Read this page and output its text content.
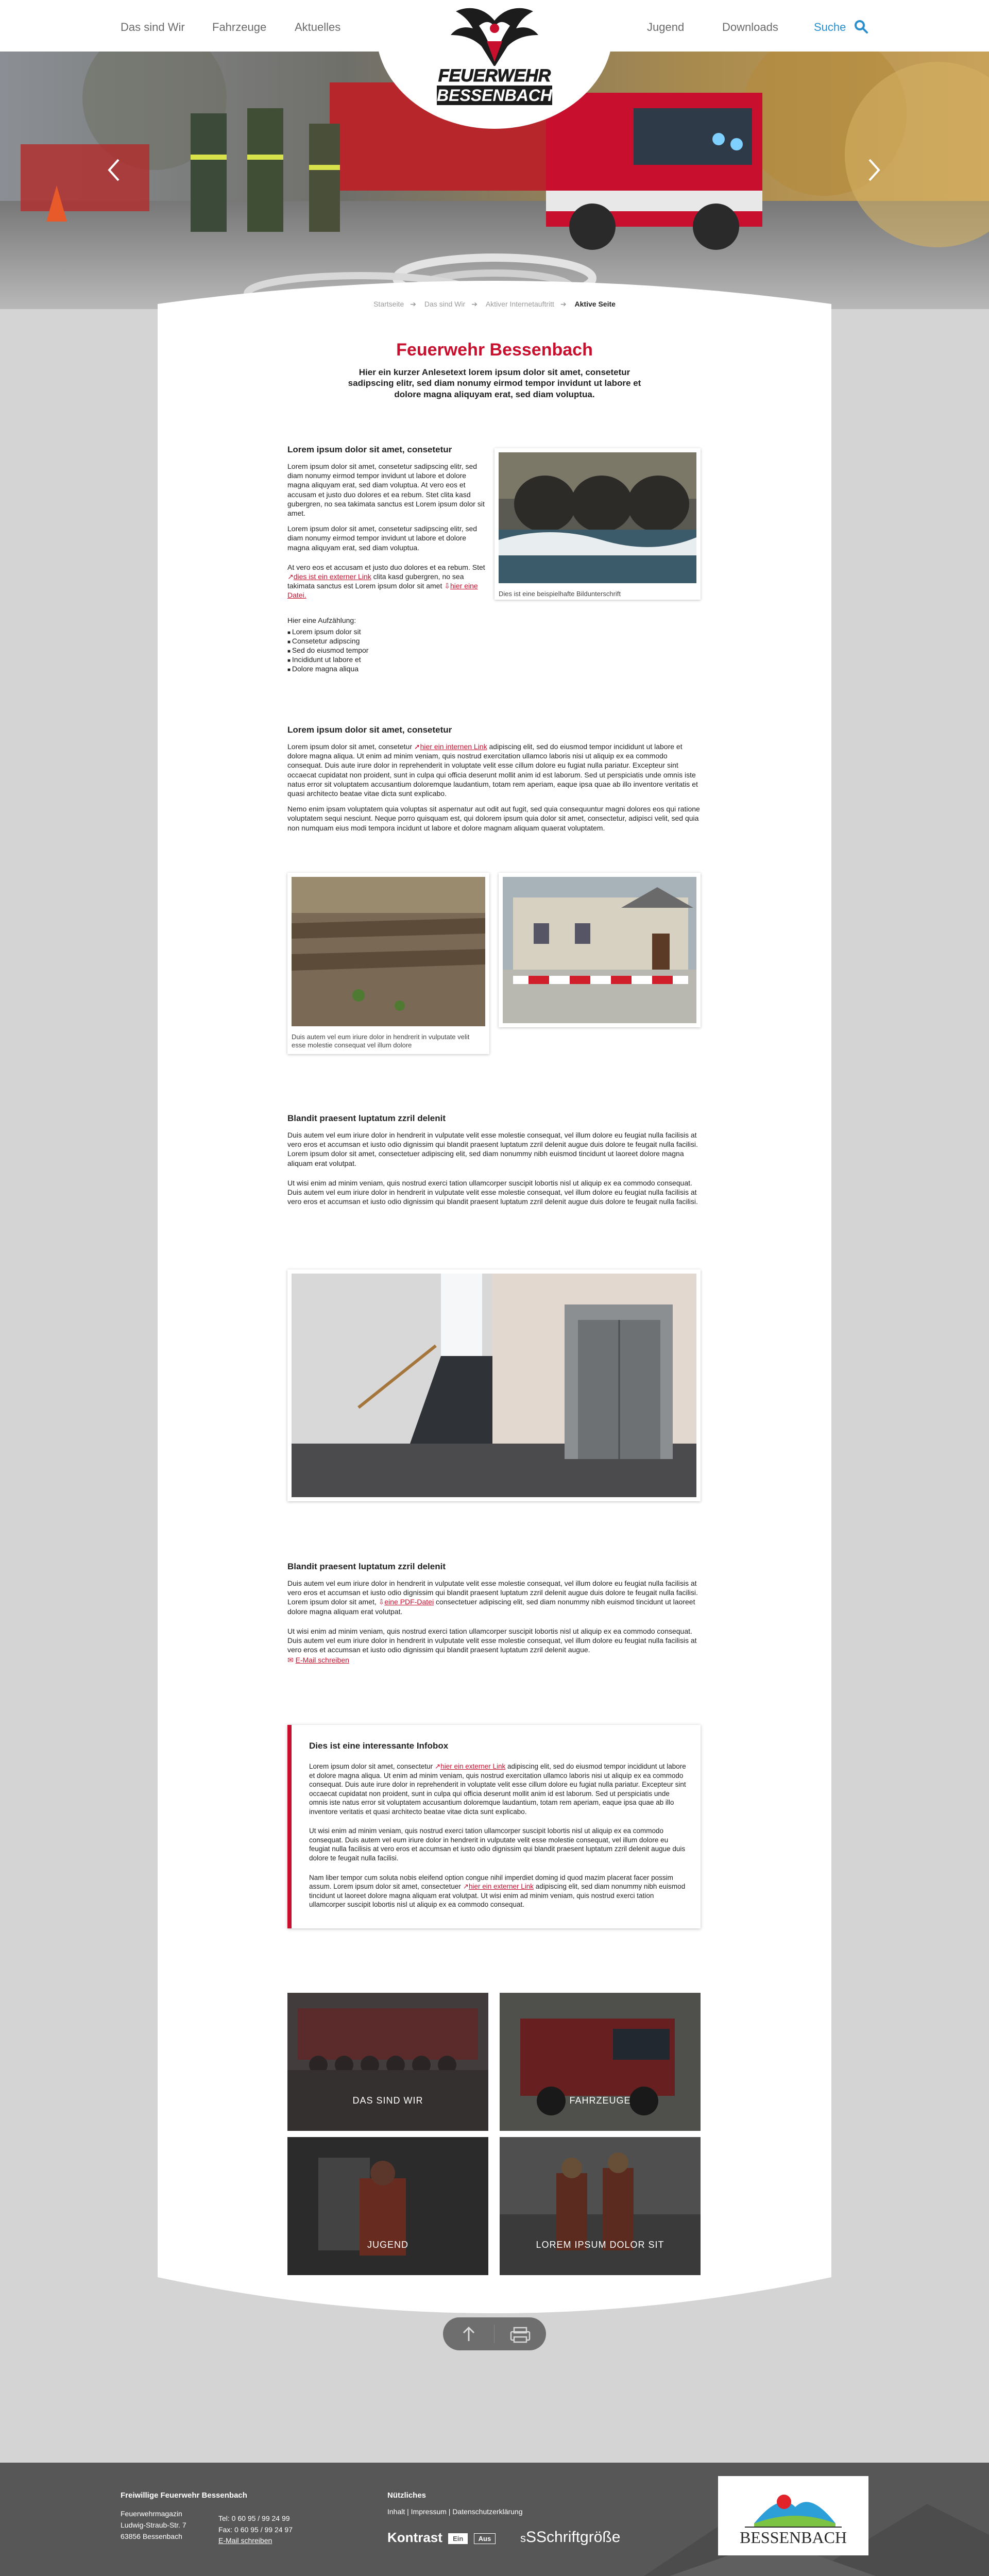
Das sind Wir Fahrzeuge Aktuelles	Jugend	Downloads	Suche
FEUERWEHR
BESSENBACH
Startseite ➔ Das sind Wir ➔ Aktiver Internetauftritt ➔ Aktive Seite
Feuerwehr Bessenbach
Hier ein kurzer Anlesetext lorem ipsum dolor sit amet, consetetur sadipscing elitr, sed diam nonumy eirmod tempor invidunt ut labore et dolore magna aliquyam erat, sed diam voluptua.
Lorem ipsum dolor sit amet, consetetur

Lorem ipsum dolor sit amet, consetetur sadipscing elitr, sed diam nonumy eirmod tempor invidunt ut labore et dolore magna aliquyam erat, sed diam voluptua. At vero eos et accusam et justo duo dolores et ea rebum. Stet clita kasd gubergren, no sea takimata sanctus est Lorem ipsum dolor sit amet.

Lorem ipsum dolor sit amet, consetetur sadipscing elitr, sed diam nonumy eirmod tempor invidunt ut labore et dolore magna aliquyam erat, sed diam voluptua.

At vero eos et accusam et justo duo dolores et ea rebum. Stet ↗dies ist ein externer Link clita kasd gubergren, no sea takimata sanctus est Lorem ipsum dolor sit amet ⇩hier eine Datei.

Hier eine Aufzählung:

■ Lorem ipsum dolor sit
■ Consetetur adipscing
■ Sed do eiusmod tempor
■ Incididunt ut labore et
■ Dolore magna aliqua
Dies ist eine beispielhafte Bildunterschrift
Lorem ipsum dolor sit amet, consetetur

Lorem ipsum dolor sit amet, consetetur ➚hier ein internen Link adipiscing elit, sed do eiusmod tempor incididunt ut labore et dolore magna aliqua. Ut enim ad minim veniam, quis nostrud exercitation ullamco laboris nisi ut aliquip ex ea commodo consequat. Duis aute irure dolor in reprehenderit in voluptate velit esse cillum dolore eu fugiat nulla pariatur. Excepteur sint occaecat cupidatat non proident, sunt in culpa qui officia deserunt mollit anim id est laborum. Sed ut perspiciatis unde omnis iste natus error sit voluptatem accusantium doloremque laudantium, totam rem aperiam, eaque ipsa quae ab illo inventore veritatis et quasi architecto beatae vitae dicta sunt explicabo.

Nemo enim ipsam voluptatem quia voluptas sit aspernatur aut odit aut fugit, sed quia consequuntur magni dolores eos qui ratione voluptatem sequi nesciunt. Neque porro quisquam est, qui dolorem ipsum quia dolor sit amet, consectetur, adipisci velit, sed quia non numquam eius modi tempora incidunt ut labore et dolore magnam aliquam quaerat voluptatem.

Duis autem vel eum iriure dolor in hendrerit in vulputate velit esse molestie consequat vel illum dolore
Blandit praesent luptatum zzril delenit

Duis autem vel eum iriure dolor in hendrerit in vulputate velit esse molestie consequat, vel illum dolore eu feugiat nulla facilisis at vero eros et accumsan et iusto odio dignissim qui blandit praesent luptatum zzril delenit augue duis dolore te feugait nulla facilisi. Lorem ipsum dolor sit amet, consectetuer adipiscing elit, sed diam nonummy nibh euismod tincidunt ut laoreet dolore magna aliquam erat volutpat.

Ut wisi enim ad minim veniam, quis nostrud exerci tation ullamcorper suscipit lobortis nisl ut aliquip ex ea commodo consequat. Duis autem vel eum iriure dolor in hendrerit in vulputate velit esse molestie consequat, vel illum dolore eu feugiat nulla facilisis at vero eros et accumsan et iusto odio dignissim qui blandit praesent luptatum zzril delenit augue duis dolore te feugait nulla facilisi.

Blandit praesent luptatum zzril delenit

Duis autem vel eum iriure dolor in hendrerit in vulputate velit esse molestie consequat, vel illum dolore eu feugiat nulla facilisis at vero eros et accumsan et iusto odio dignissim qui blandit praesent luptatum zzril delenit augue duis dolore te feugait nulla facilisi. Lorem ipsum dolor sit amet, ⇩eine PDF-Datei consectetuer adipiscing elit, sed diam nonummy nibh euismod tincidunt ut laoreet dolore magna aliquam erat volutpat.

Ut wisi enim ad minim veniam, quis nostrud exerci tation ullamcorper suscipit lobortis nisl ut aliquip ex ea commodo consequat. Duis autem vel eum iriure dolor in hendrerit in vulputate velit esse molestie consequat, vel illum dolore eu feugiat nulla facilisis at vero eros et accumsan et iusto odio dignissim qui blandit praesent luptatum zzril delenit augue.

✉ E-Mail schreiben

Dies ist eine interessante Infobox

Lorem ipsum dolor sit amet, consectetur ↗hier ein externer Link adipiscing elit, sed do eiusmod tempor incididunt ut labore et dolore magna aliqua. Ut enim ad minim veniam, quis nostrud exercitation ullamco laboris nisi ut aliquip ex ea commodo consequat. Duis aute irure dolor in reprehenderit in voluptate velit esse cillum dolore eu fugiat nulla pariatur. Excepteur sint occaecat cupidatat non proident, sunt in culpa qui officia deserunt mollit anim id est laborum. Sed ut perspiciatis unde omnis iste natus error sit voluptatem accusantium doloremque laudantium, totam rem aperiam, eaque ipsa quae ab illo inventore veritatis et quasi architecto beatae vitae dicta sunt explicabo.

Ut wisi enim ad minim veniam, quis nostrud exerci tation ullamcorper suscipit lobortis nisl ut aliquip ex ea commodo consequat. Duis autem vel eum iriure dolor in hendrerit in vulputate velit esse molestie consequat, vel illum dolore eu feugiat nulla facilisis at vero eros et accumsan et iusto odio dignissim qui blandit praesent luptatum zzril delenit augue duis dolore te feugait nulla facilisi.

Nam liber tempor cum soluta nobis eleifend option congue nihil imperdiet doming id quod mazim placerat facer possim assum. Lorem ipsum dolor sit amet, consectetuer ↗hier ein externer Link adipiscing elit, sed diam nonummy nibh euismod tincidunt ut laoreet dolore magna aliquam erat volutpat. Ut wisi enim ad minim veniam, quis nostrud exerci tation ullamcorper suscipit lobortis nisl ut aliquip ex ea commodo consequat.

DAS SIND WIR	FAHRZEUGE
JUGEND	LOREM IPSUM DOLOR SIT
Freiwillige Feuerwehr Bessenbach

Feuerwehrmagazin
Ludwig-Straub-Str. 7
63856 Bessenbach
Tel: 0 60 95 / 99 24 99
Fax: 0 60 95 / 99 24 97
E-Mail schreiben
Nützliches
Inhalt | Impressum | Datenschutzerklärung
Kontrast Ein Aus	sSSchriftgröße	BESSENBACH
